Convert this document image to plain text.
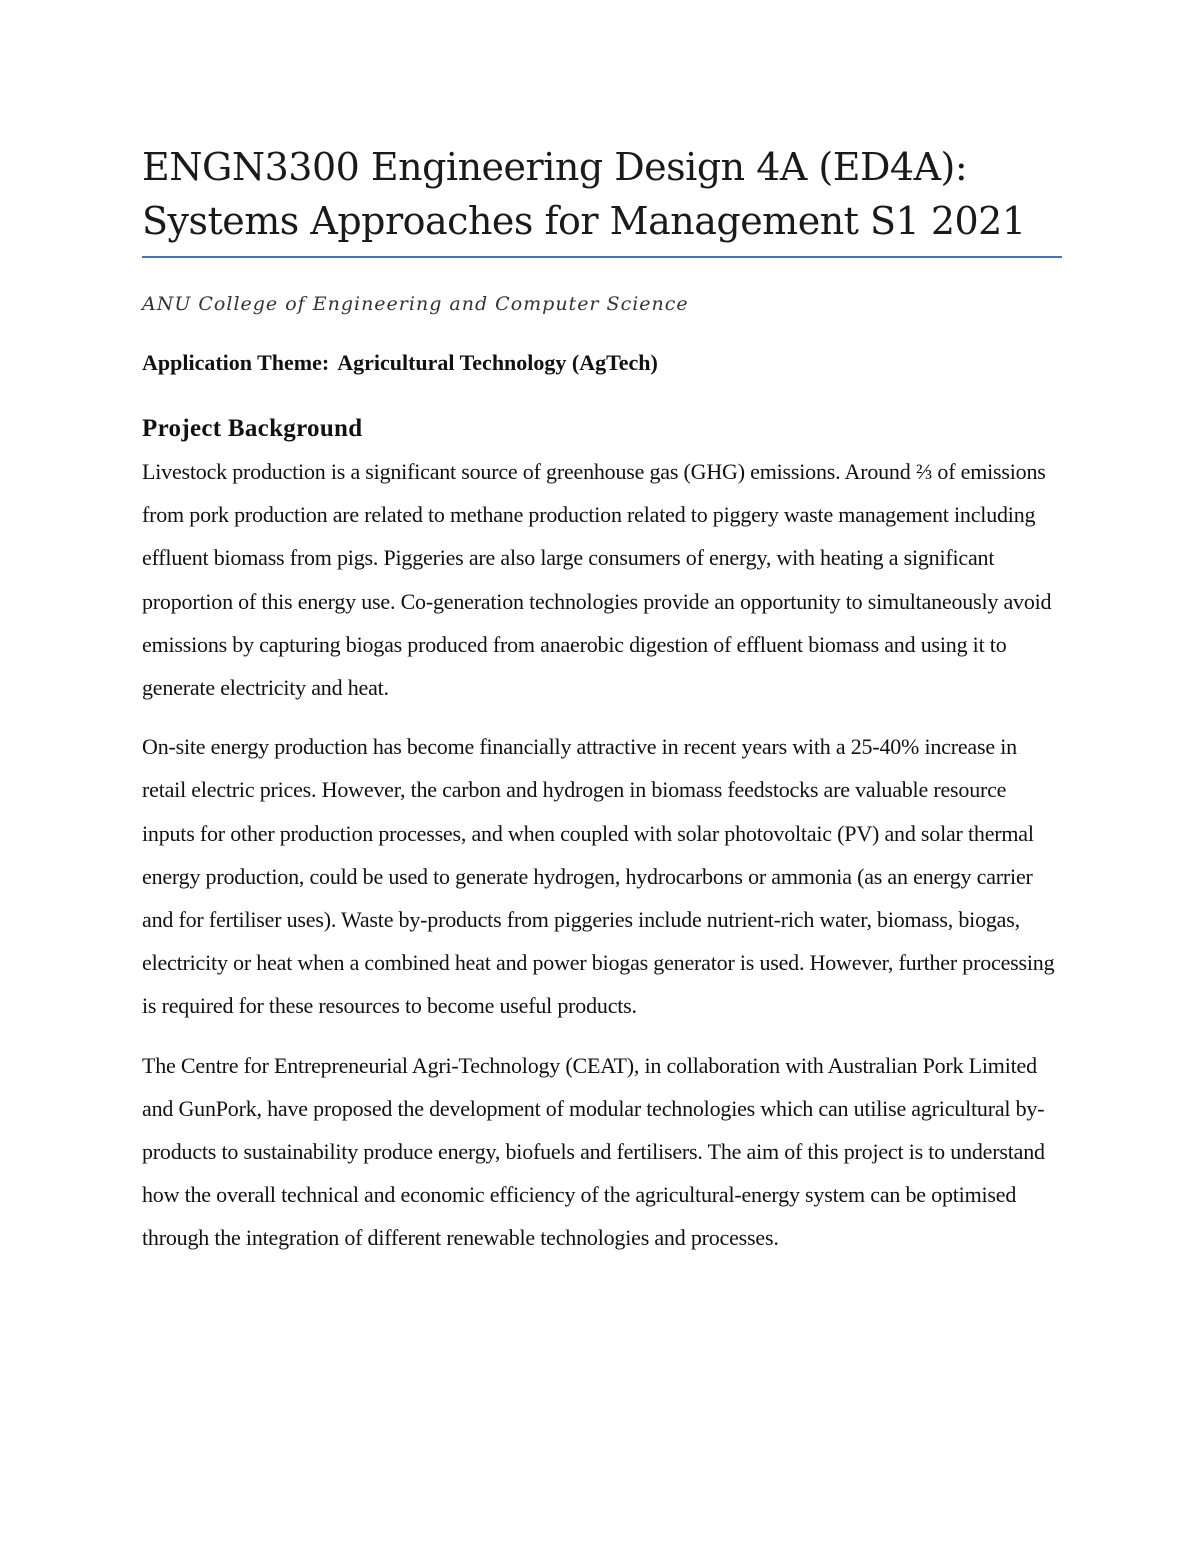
ENGN3300 Engineering Design 4A (ED4A):
Systems Approaches for Management S1 2021

ANU College of Engineering and Computer Science

Application Theme: Agricultural Technology (AgTech)

Project Background

Livestock production is a significant source of greenhouse gas (GHG) emissions. Around ⅔ of emissions from pork production are related to methane production related to piggery waste management including effluent biomass from pigs. Piggeries are also large consumers of energy, with heating a significant proportion of this energy use. Co-generation technologies provide an opportunity to simultaneously avoid emissions by capturing biogas produced from anaerobic digestion of effluent biomass and using it to generate electricity and heat.

On-site energy production has become financially attractive in recent years with a 25-40% increase in retail electric prices. However, the carbon and hydrogen in biomass feedstocks are valuable resource inputs for other production processes, and when coupled with solar photovoltaic (PV) and solar thermal energy production, could be used to generate hydrogen, hydrocarbons or ammonia (as an energy carrier and for fertiliser uses). Waste by-products from piggeries include nutrient-rich water, biomass, biogas, electricity or heat when a combined heat and power biogas generator is used. However, further processing is required for these resources to become useful products.

The Centre for Entrepreneurial Agri-Technology (CEAT), in collaboration with Australian Pork Limited and GunPork, have proposed the development of modular technologies which can utilise agricultural by-products to sustainability produce energy, biofuels and fertilisers. The aim of this project is to understand how the overall technical and economic efficiency of the agricultural-energy system can be optimised through the integration of different renewable technologies and processes.
